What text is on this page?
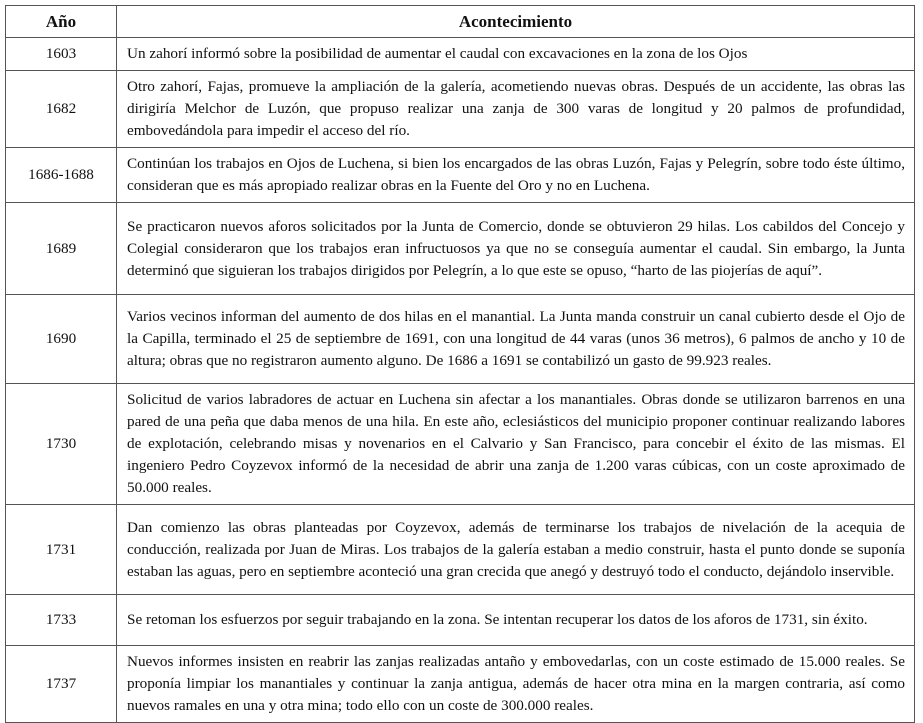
Año	Acontecimiento
1603	Un zahorí informó sobre la posibilidad de aumentar el caudal con excavaciones en la zona de los Ojos
1682	Otro zahorí, Fajas, promueve la ampliación de la galería, acometiendo nuevas obras. Después de un accidente, las obras las dirigiría Melchor de Luzón, que propuso realizar una zanja de 300 varas de longitud y 20 palmos de profundidad, embovedándola para impedir el acceso del río.
1686-1688	Continúan los trabajos en Ojos de Luchena, si bien los encargados de las obras Luzón, Fajas y Pelegrín, sobre todo éste último, consideran que es más apropiado realizar obras en la Fuente del Oro y no en Luchena.
1689	Se practicaron nuevos aforos solicitados por la Junta de Comercio, donde se obtuvieron 29 hilas. Los cabildos del Concejo y Colegial consideraron que los trabajos eran infructuosos ya que no se conseguía aumentar el caudal. Sin embargo, la Junta determinó que siguieran los trabajos dirigidos por Pelegrín, a lo que este se opuso, “harto de las piojerías de aquí”.
1690	Varios vecinos informan del aumento de dos hilas en el manantial. La Junta manda construir un canal cubierto desde el Ojo de la Capilla, terminado el 25 de septiembre de 1691, con una longitud de 44 varas (unos 36 metros), 6 palmos de ancho y 10 de altura; obras que no registraron aumento alguno. De 1686 a 1691 se contabilizó un gasto de 99.923 reales.
1730	Solicitud de varios labradores de actuar en Luchena sin afectar a los manantiales. Obras donde se utilizaron barrenos en una pared de una peña que daba menos de una hila. En este año, eclesiásticos del municipio proponer continuar realizando labores de explotación, celebrando misas y novenarios en el Calvario y San Francisco, para concebir el éxito de las mismas. El ingeniero Pedro Coyzevox informó de la necesidad de abrir una zanja de 1.200 varas cúbicas, con un coste aproximado de 50.000 reales.
1731	Dan comienzo las obras planteadas por Coyzevox, además de terminarse los trabajos de nivelación de la acequia de conducción, realizada por Juan de Miras. Los trabajos de la galería estaban a medio construir, hasta el punto donde se suponía estaban las aguas, pero en septiembre aconteció una gran crecida que anegó y destruyó todo el conducto, dejándolo inservible.
1733	Se retoman los esfuerzos por seguir trabajando en la zona. Se intentan recuperar los datos de los aforos de 1731, sin éxito.
1737	Nuevos informes insisten en reabrir las zanjas realizadas antaño y embovedarlas, con un coste estimado de 15.000 reales. Se proponía limpiar los manantiales y continuar la zanja antigua, además de hacer otra mina en la margen contraria, así como nuevos ramales en una y otra mina; todo ello con un coste de 300.000 reales.
